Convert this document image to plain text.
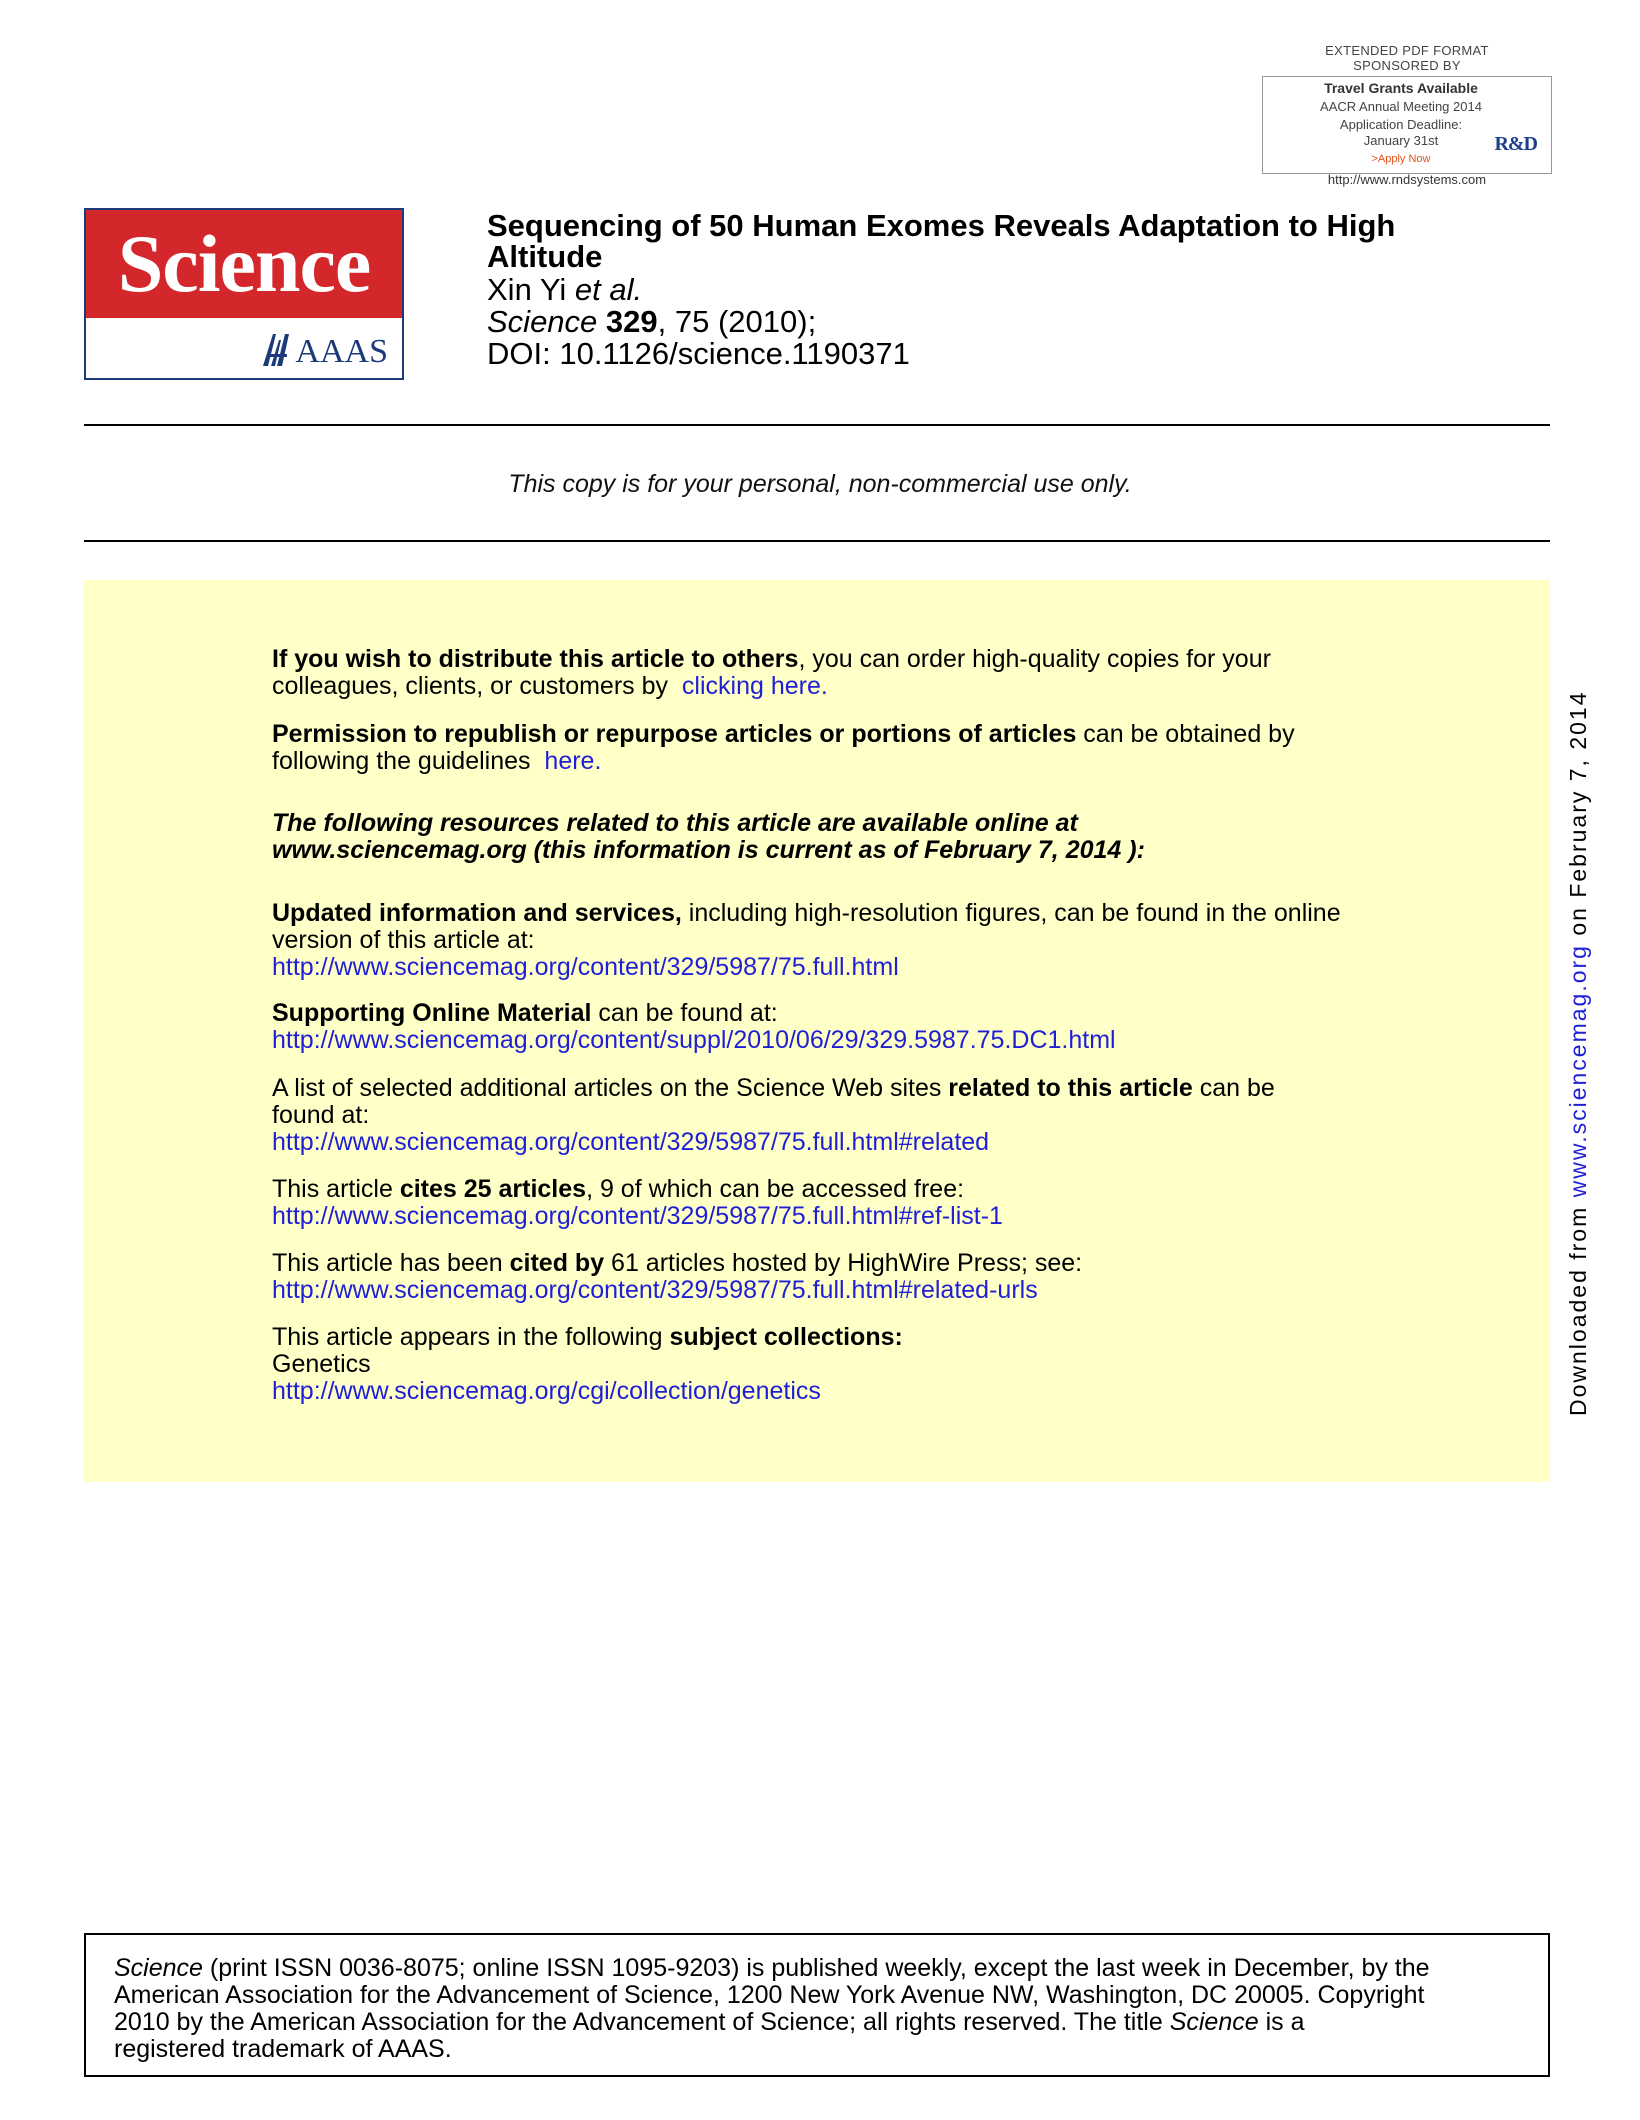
EXTENDED PDF FORMAT
SPONSORED BY
Travel Grants Available
AACR Annual Meeting 2014
Application Deadline:
January 31st
>Apply Now
R&D
http://www.rndsystems.com
Science
AAAS
Sequencing of 50 Human Exomes Reveals Adaptation to High
Altitude
Xin Yi et al.
Science 329, 75 (2010);
DOI: 10.1126/science.1190371
This copy is for your personal, non-commercial use only.
If you wish to distribute this article to others, you can order high-quality copies for your
colleagues, clients, or customers by clicking here.
Permission to republish or repurpose articles or portions of articles can be obtained by
following the guidelines here.
The following resources related to this article are available online at
www.sciencemag.org (this information is current as of February 7, 2014 ):
Updated information and services, including high-resolution figures, can be found in the online
version of this article at:
http://www.sciencemag.org/content/329/5987/75.full.html
Supporting Online Material can be found at:
http://www.sciencemag.org/content/suppl/2010/06/29/329.5987.75.DC1.html
A list of selected additional articles on the Science Web sites related to this article can be
found at:
http://www.sciencemag.org/content/329/5987/75.full.html#related
This article cites 25 articles, 9 of which can be accessed free:
http://www.sciencemag.org/content/329/5987/75.full.html#ref-list-1
This article has been cited by 61 articles hosted by HighWire Press; see:
http://www.sciencemag.org/content/329/5987/75.full.html#related-urls
This article appears in the following subject collections:
Genetics
http://www.sciencemag.org/cgi/collection/genetics	Downloaded from www.sciencemag.org on February 7, 2014
Science (print ISSN 0036-8075; online ISSN 1095-9203) is published weekly, except the last week in December, by the
American Association for the Advancement of Science, 1200 New York Avenue NW, Washington, DC 20005. Copyright
2010 by the American Association for the Advancement of Science; all rights reserved. The title Science is a
registered trademark of AAAS.
